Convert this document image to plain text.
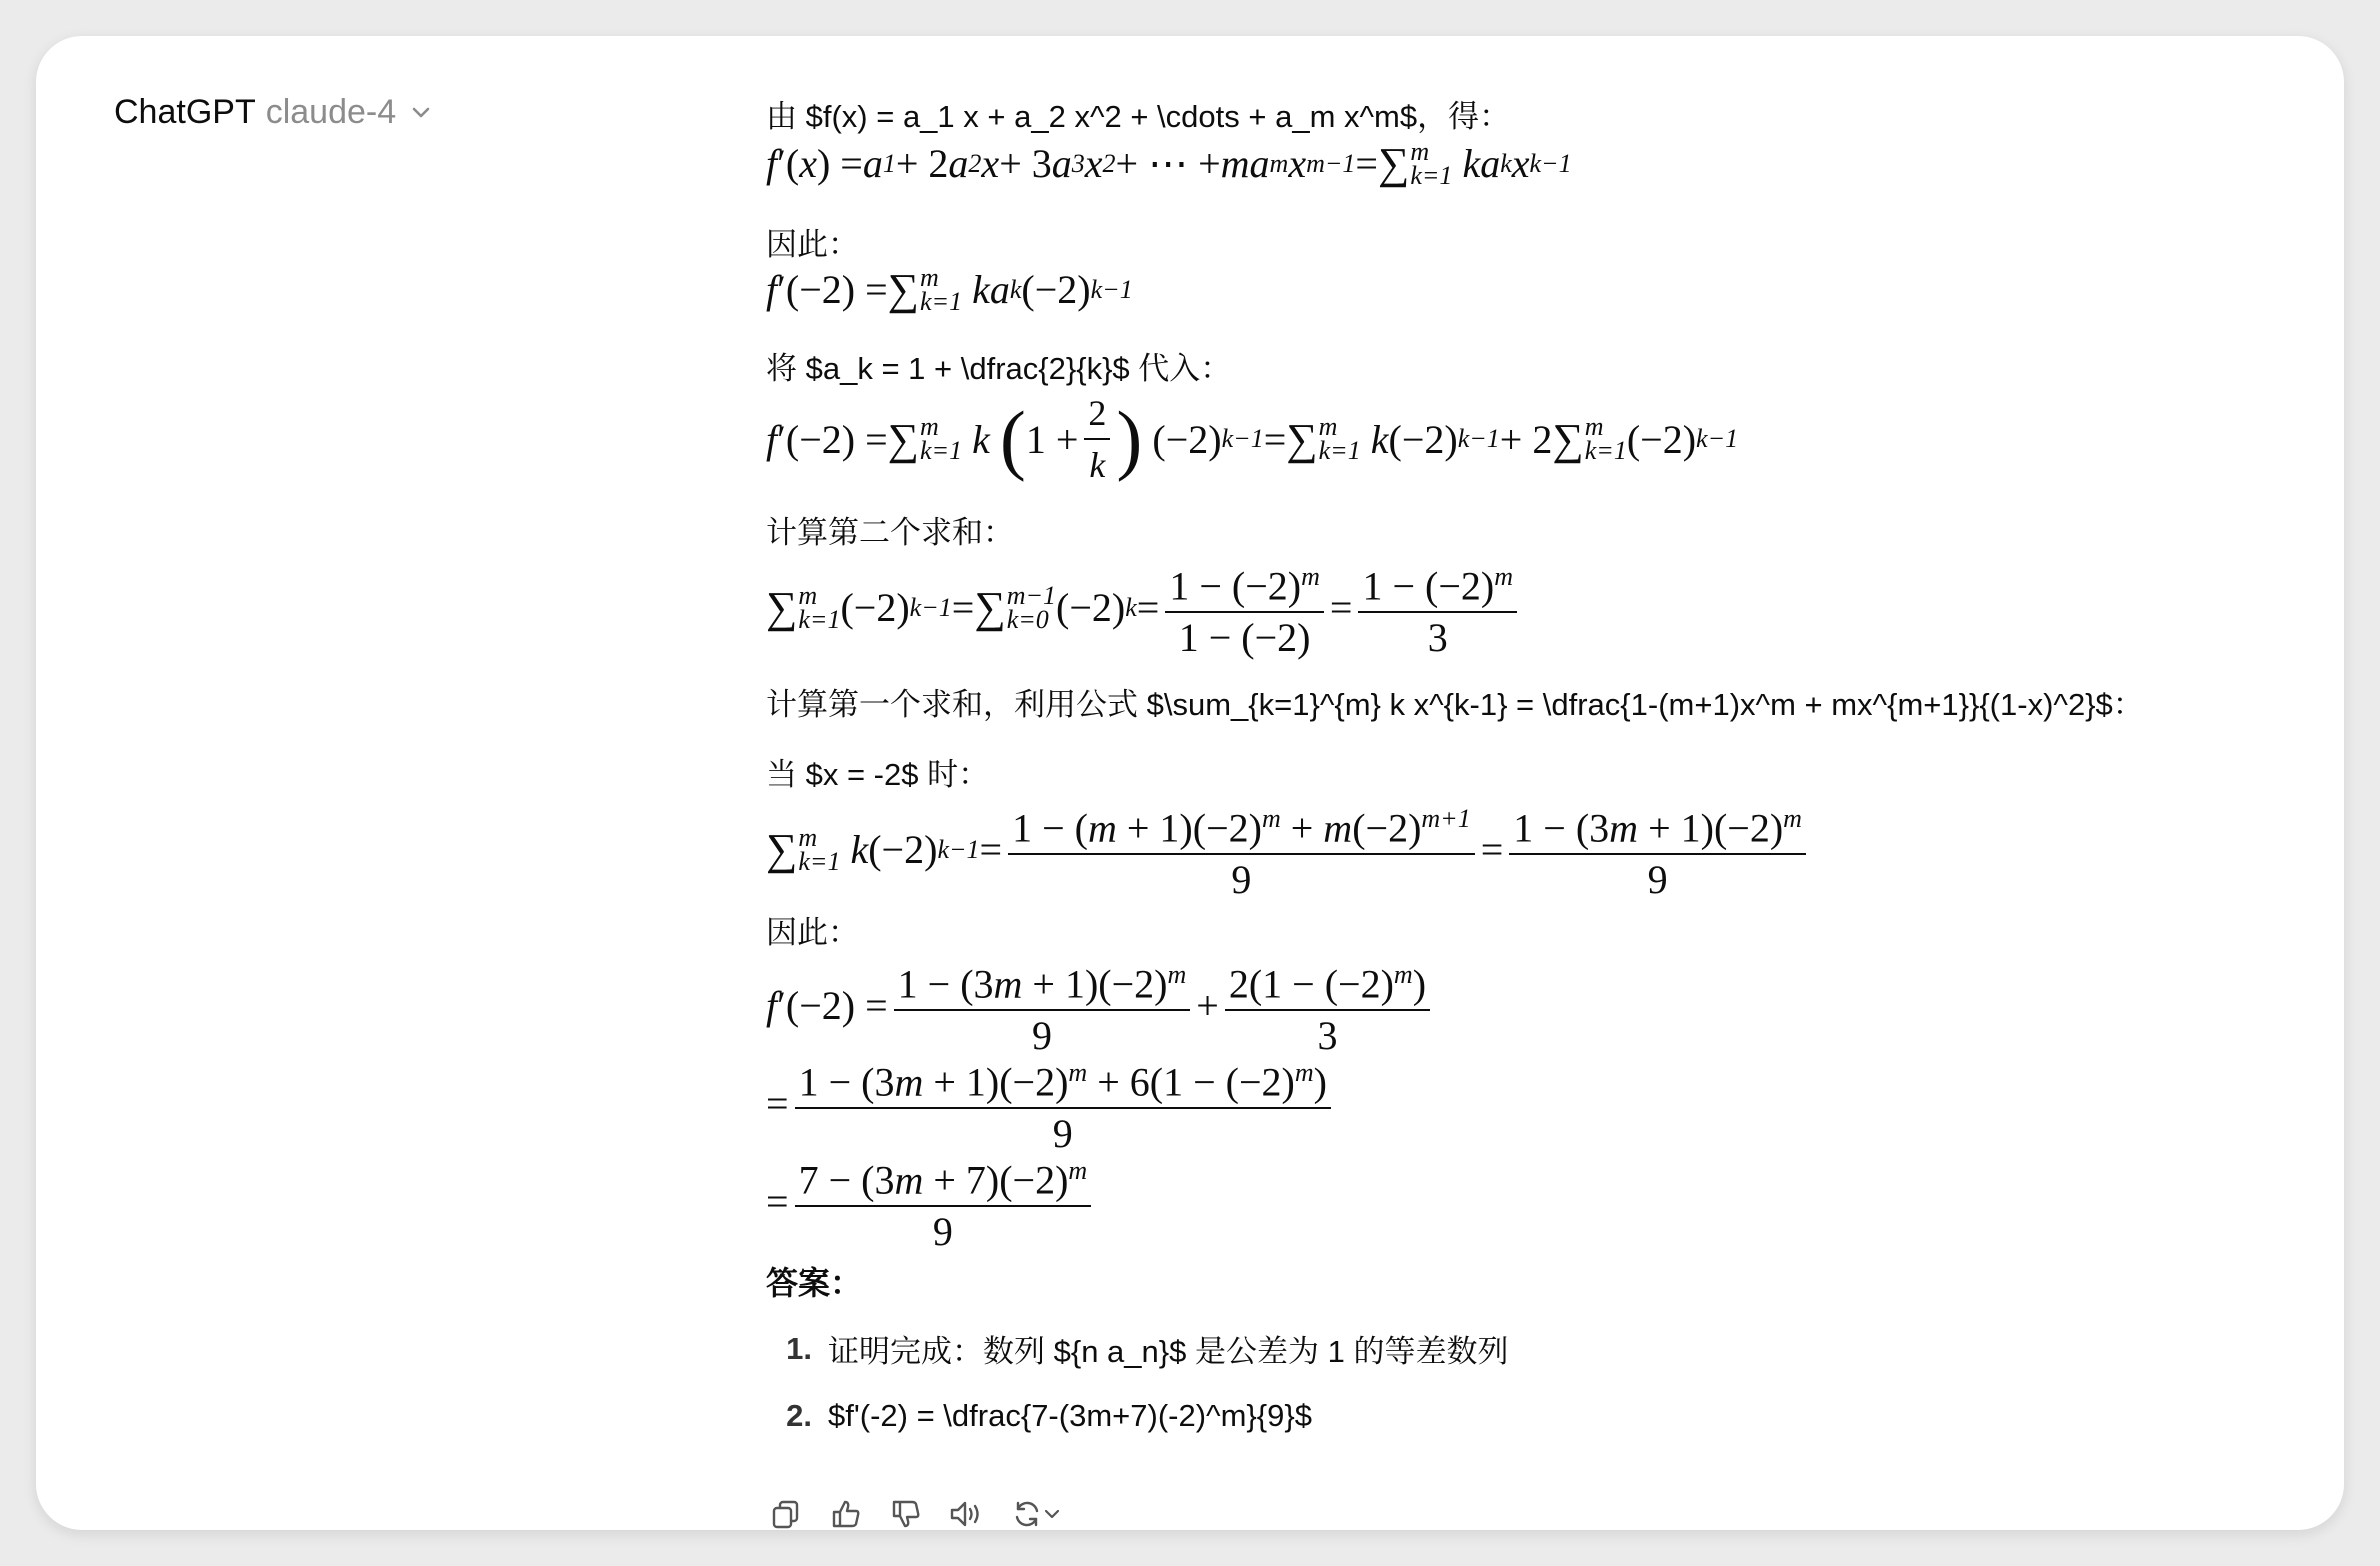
ChatGPT claude-4	由 $f(x) = a_1 x + a_2 x^2 + \cdots + a_m x^m$，得：
f ′( x ) = a 1 + 2 a 2 x + 3 a 3 x 2 + ⋯ + ma m x m−1 = ∑ m
k=1
ka k x k−1
因此：
f ′(−2) = ∑ m
k=1
ka k (−2) k−1
将 $a_k = 1 + \dfrac{2}{k}$ 代入：
f ′(−2) = ∑ m
k=1
k
( $1 + \frac{2}{k}$ ) (−2) k−1 = ∑ m
k=1
k (−2) k−1 + 2 ∑ m
k=1 (−2) k−1
计算第二个求和：
∑ m
k=1 (−2) k−1 = ∑ m−1
k=0 (−2) $k = \frac{1 - (-2)^m}{1 - (-2)} = \frac{1 - (-2)^m}{3}$
计算第一个求和，利用公式 $\sum_{k=1}^{m} k x^{k-1} = \dfrac{1-(m+1)x^m + mx^{m+1}}{(1-x)^2}$：
当 $x = -2$ 时：
∑ m
k=1
k (−2) $k-1 = \frac{1 - (m + 1)(-2)^m + m(-2)^{m+1}}{9} = \frac{1 - (3m + 1)(-2)^m}{9}$
因此：
f $'(-2) = \frac{1 - (3m + 1)(-2)^m}{9} + \frac{2(1 - (-2)^m)}{3}$
= $\frac{1 - (3m + 1)(-2)^m + 6(1 - (-2)^m)}{9}$
= $\frac{7 - (3m + 7)(-2)^m}{9}$
答案：
1. 证明完成：数列 ${n a_n}$ 是公差为 1 的等差数列
2. $f'(-2) = \dfrac{7-(3m+7)(-2)^m}{9}$
